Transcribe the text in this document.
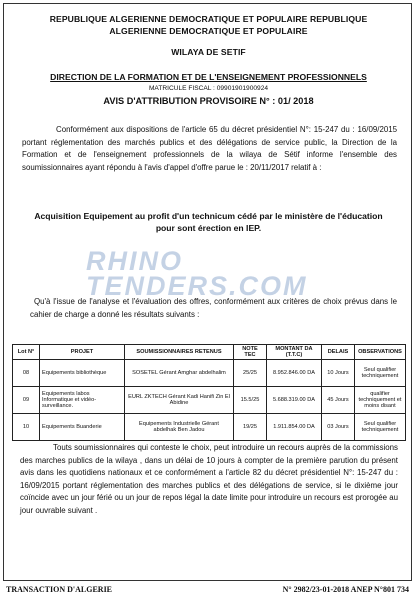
REPUBLIQUE ALGERIENNE DEMOCRATIQUE ET POPULAIRE REPUBLIQUE
ALGERIENNE DEMOCRATIQUE ET POPULAIRE
WILAYA DE SETIF
DIRECTION DE LA FORMATION ET DE L'ENSEIGNEMENT PROFESSIONNELS
MATRICULE FISCAL : 09901901900924
AVIS D'ATTRIBUTION PROVISOIRE N° : 01/ 2018
Conformément aux dispositions de l'article 65 du décret présidentiel N°: 15-247 du : 16/09/2015 portant réglementation des marchés publics et des délégations de service public, la Direction de la Formation et de l'enseignement professionnels de la wilaya de Sétif informe l'ensemble des soumissionnaires ayant répondu à l'avis d'appel d'offre parue le : 20/11/2017 relatif à :
Acquisition Equipement au profit d'un technicum cédé par le ministère de l'éducation
pour sont érection en IEP.
RHINO
TENDERS.COM
Qu'à l'issue de l'analyse et l'évaluation des offres, conformément aux critères de choix prévus dans le cahier de charge a donné les résultats suivants :
Lot N°	PROJET	SOUMISSIONNAIRES RETENUS	NOTE TEC	MONTANT DA (T.T.C)	DELAIS	OBSERVATIONS
08	Equipements bibliothèque	SOSETEL Gérant Amghar abdelhalim	25/25	8.952.846.00 DA	10 Jours	Seul qualifier techniquement
09	Equipements labos Informatique et vidéo-surveillance.	EURL ZKTECH Gérant Kadi Hanifi Zin El Abidine	15.5/25	5.688.319.00 DA	45 Jours	qualifier techniquement et moins disant
10	Equipements Buanderie	Equipements Industrielle Gérant abdelhak Ben Jadou	19/25	1.911.854.00 DA	03 Jours	Seul qualifier techniquement
Touts soumissionnaires qui conteste le choix, peut introduire un recours auprès de la commissions des marches publics de la wilaya , dans un délai de 10 jours à compter de la première parution du présent avis dans les quotidiens nationaux et ce conformément a l'article 82 du décret présidentiel N°: 15-247 du : 16/09/2015 portant réglementation des marches publics et des délégations de service, si le dixième jour coïncide avec un jour férié ou un jour de repos légal la date limite pour introduire un recours est prorogée au jour ouvrable suivant .
TRANSACTION D'ALGERIE	N° 2982/23-01-2018 ANEP N°801 734
